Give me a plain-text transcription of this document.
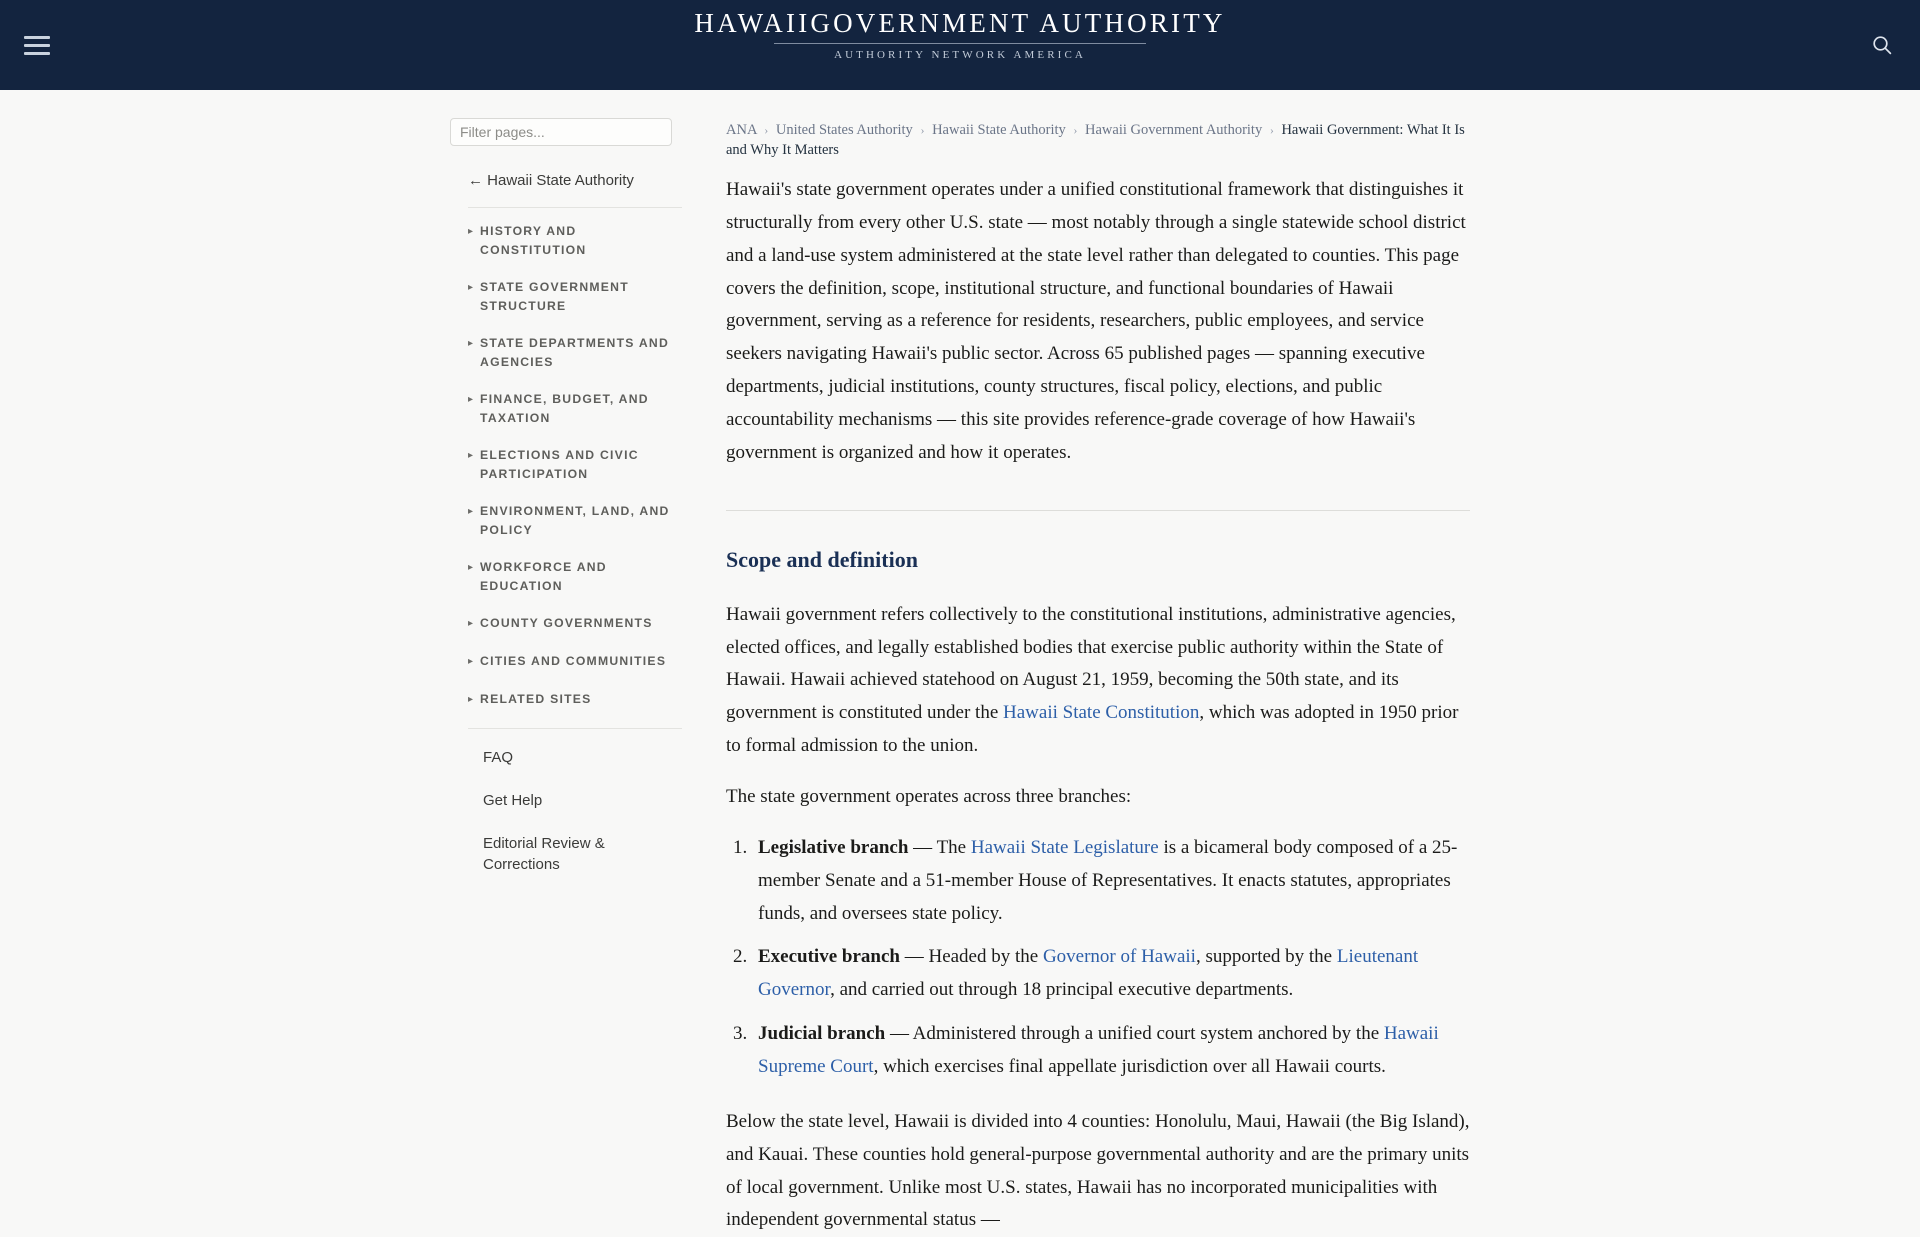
HAWAIIGOVERNMENT AUTHORITY
AUTHORITY NETWORK AMERICA
Filter pages...
← Hawaii State Authority
▸ HISTORY AND CONSTITUTION
▸ STATE GOVERNMENT STRUCTURE
▸ STATE DEPARTMENTS AND AGENCIES
▸ FINANCE, BUDGET, AND TAXATION
▸ ELECTIONS AND CIVIC PARTICIPATION
▸ ENVIRONMENT, LAND, AND POLICY
▸ WORKFORCE AND EDUCATION
▸ COUNTY GOVERNMENTS
▸ CITIES AND COMMUNITIES
▸ RELATED SITES
FAQ
Get Help
Editorial Review & Corrections
ANA › United States Authority › Hawaii State Authority › Hawaii Government Authority › Hawaii Government: What It Is and Why It Matters

Hawaii's state government operates under a unified constitutional framework that distinguishes it structurally from every other U.S. state — most notably through a single statewide school district and a land-use system administered at the state level rather than delegated to counties. This page covers the definition, scope, institutional structure, and functional boundaries of Hawaii government, serving as a reference for residents, researchers, public employees, and service seekers navigating Hawaii's public sector. Across 65 published pages — spanning executive departments, judicial institutions, county structures, fiscal policy, elections, and public accountability mechanisms — this site provides reference-grade coverage of how Hawaii's government is organized and how it operates.

Scope and definition

Hawaii government refers collectively to the constitutional institutions, administrative agencies, elected offices, and legally established bodies that exercise public authority within the State of Hawaii. Hawaii achieved statehood on August 21, 1959, becoming the 50th state, and its government is constituted under the Hawaii State Constitution, which was adopted in 1950 prior to formal admission to the union.

The state government operates across three branches:

1. Legislative branch — The Hawaii State Legislature is a bicameral body composed of a 25-member Senate and a 51-member House of Representatives. It enacts statutes, appropriates funds, and oversees state policy.
2. Executive branch — Headed by the Governor of Hawaii, supported by the Lieutenant Governor, and carried out through 18 principal executive departments.
3. Judicial branch — Administered through a unified court system anchored by the Hawaii Supreme Court, which exercises final appellate jurisdiction over all Hawaii courts.

Below the state level, Hawaii is divided into 4 counties: Honolulu, Maui, Hawaii (the Big Island), and Kauai. These counties hold general-purpose governmental authority and are the primary units of local government. Unlike most U.S. states, Hawaii has no incorporated municipalities with independent governmental status —
